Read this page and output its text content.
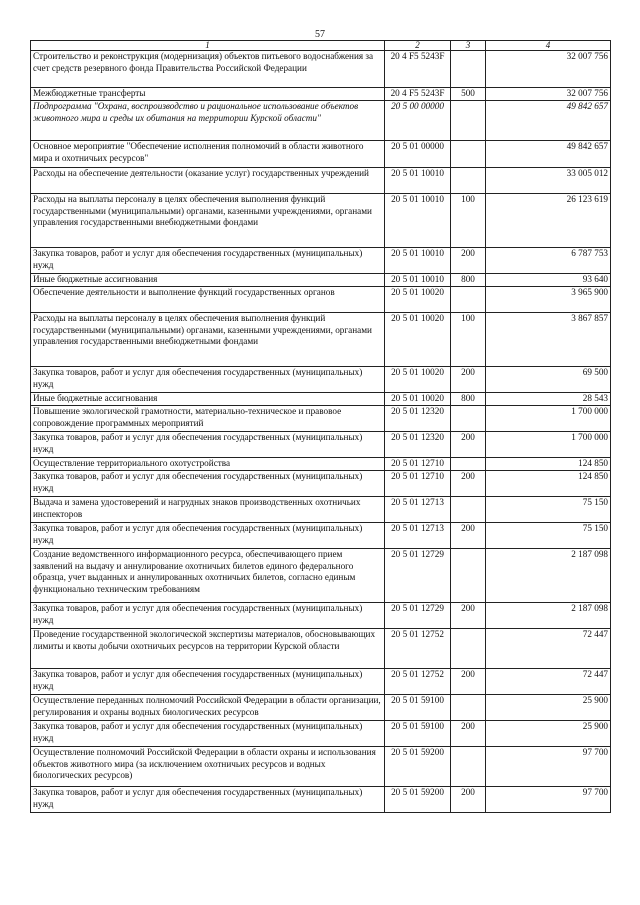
57
1	2	3	4
Строительство и реконструкция (модернизация) объектов питьевого водоснабжения за счет средств резервного фонда Правительства Российской Федерации	20 4 F5 5243F		32 007 756
Межбюджетные трансферты	20 4 F5 5243F	500	32 007 756
Подпрограмма "Охрана, воспроизводство и рациональное использование объектов животного мира и среды их обитания на территории Курской области"	20 5 00 00000		49 842 657
Основное мероприятие "Обеспечение исполнения полномочий в области животного мира и охотничьих ресурсов"	20 5 01 00000		49 842 657
Расходы на обеспечение деятельности (оказание услуг) государственных учреждений	20 5 01 10010		33 005 012
Расходы на выплаты персоналу в целях обеспечения выполнения функций государственными (муниципальными) органами, казенными учреждениями, органами управления государственными внебюджетными фондами	20 5 01 10010	100	26 123 619
Закупка товаров, работ и услуг для обеспечения государственных (муниципальных) нужд	20 5 01 10010	200	6 787 753
Иные бюджетные ассигнования	20 5 01 10010	800	93 640
Обеспечение деятельности и выполнение функций государственных органов	20 5 01 10020		3 965 900
Расходы на выплаты персоналу в целях обеспечения выполнения функций государственными (муниципальными) органами, казенными учреждениями, органами управления государственными внебюджетными фондами	20 5 01 10020	100	3 867 857
Закупка товаров, работ и услуг для обеспечения государственных (муниципальных) нужд	20 5 01 10020	200	69 500
Иные бюджетные ассигнования	20 5 01 10020	800	28 543
Повышение экологической грамотности, материально-техническое и правовое сопровождение программных мероприятий	20 5 01 12320		1 700 000
Закупка товаров, работ и услуг для обеспечения государственных (муниципальных) нужд	20 5 01 12320	200	1 700 000
Осуществление территориального охотустройства	20 5 01 12710		124 850
Закупка товаров, работ и услуг для обеспечения государственных (муниципальных) нужд	20 5 01 12710	200	124 850
Выдача и замена удостоверений и нагрудных знаков производственных охотничьих инспекторов	20 5 01 12713		75 150
Закупка товаров, работ и услуг для обеспечения государственных (муниципальных) нужд	20 5 01 12713	200	75 150
Создание ведомственного информационного ресурса, обеспечивающего прием заявлений на выдачу и аннулирование охотничьих билетов единого федерального образца, учет выданных и аннулированных охотничьих билетов, согласно единым функционально техническим требованиям	20 5 01 12729		2 187 098
Закупка товаров, работ и услуг для обеспечения государственных (муниципальных) нужд	20 5 01 12729	200	2 187 098
Проведение государственной экологической экспертизы материалов, обосновывающих лимиты и квоты добычи охотничьих ресурсов на территории Курской области	20 5 01 12752		72 447
Закупка товаров, работ и услуг для обеспечения государственных (муниципальных) нужд	20 5 01 12752	200	72 447
Осуществление переданных полномочий Российской Федерации в области организации, регулирования и охраны водных биологических ресурсов	20 5 01 59100		25 900
Закупка товаров, работ и услуг для обеспечения государственных (муниципальных) нужд	20 5 01 59100	200	25 900
Осуществление полномочий Российской Федерации в области охраны и использования объектов животного мира (за исключением охотничьих ресурсов и водных биологических ресурсов)	20 5 01 59200		97 700
Закупка товаров, работ и услуг для обеспечения государственных (муниципальных) нужд	20 5 01 59200	200	97 700
